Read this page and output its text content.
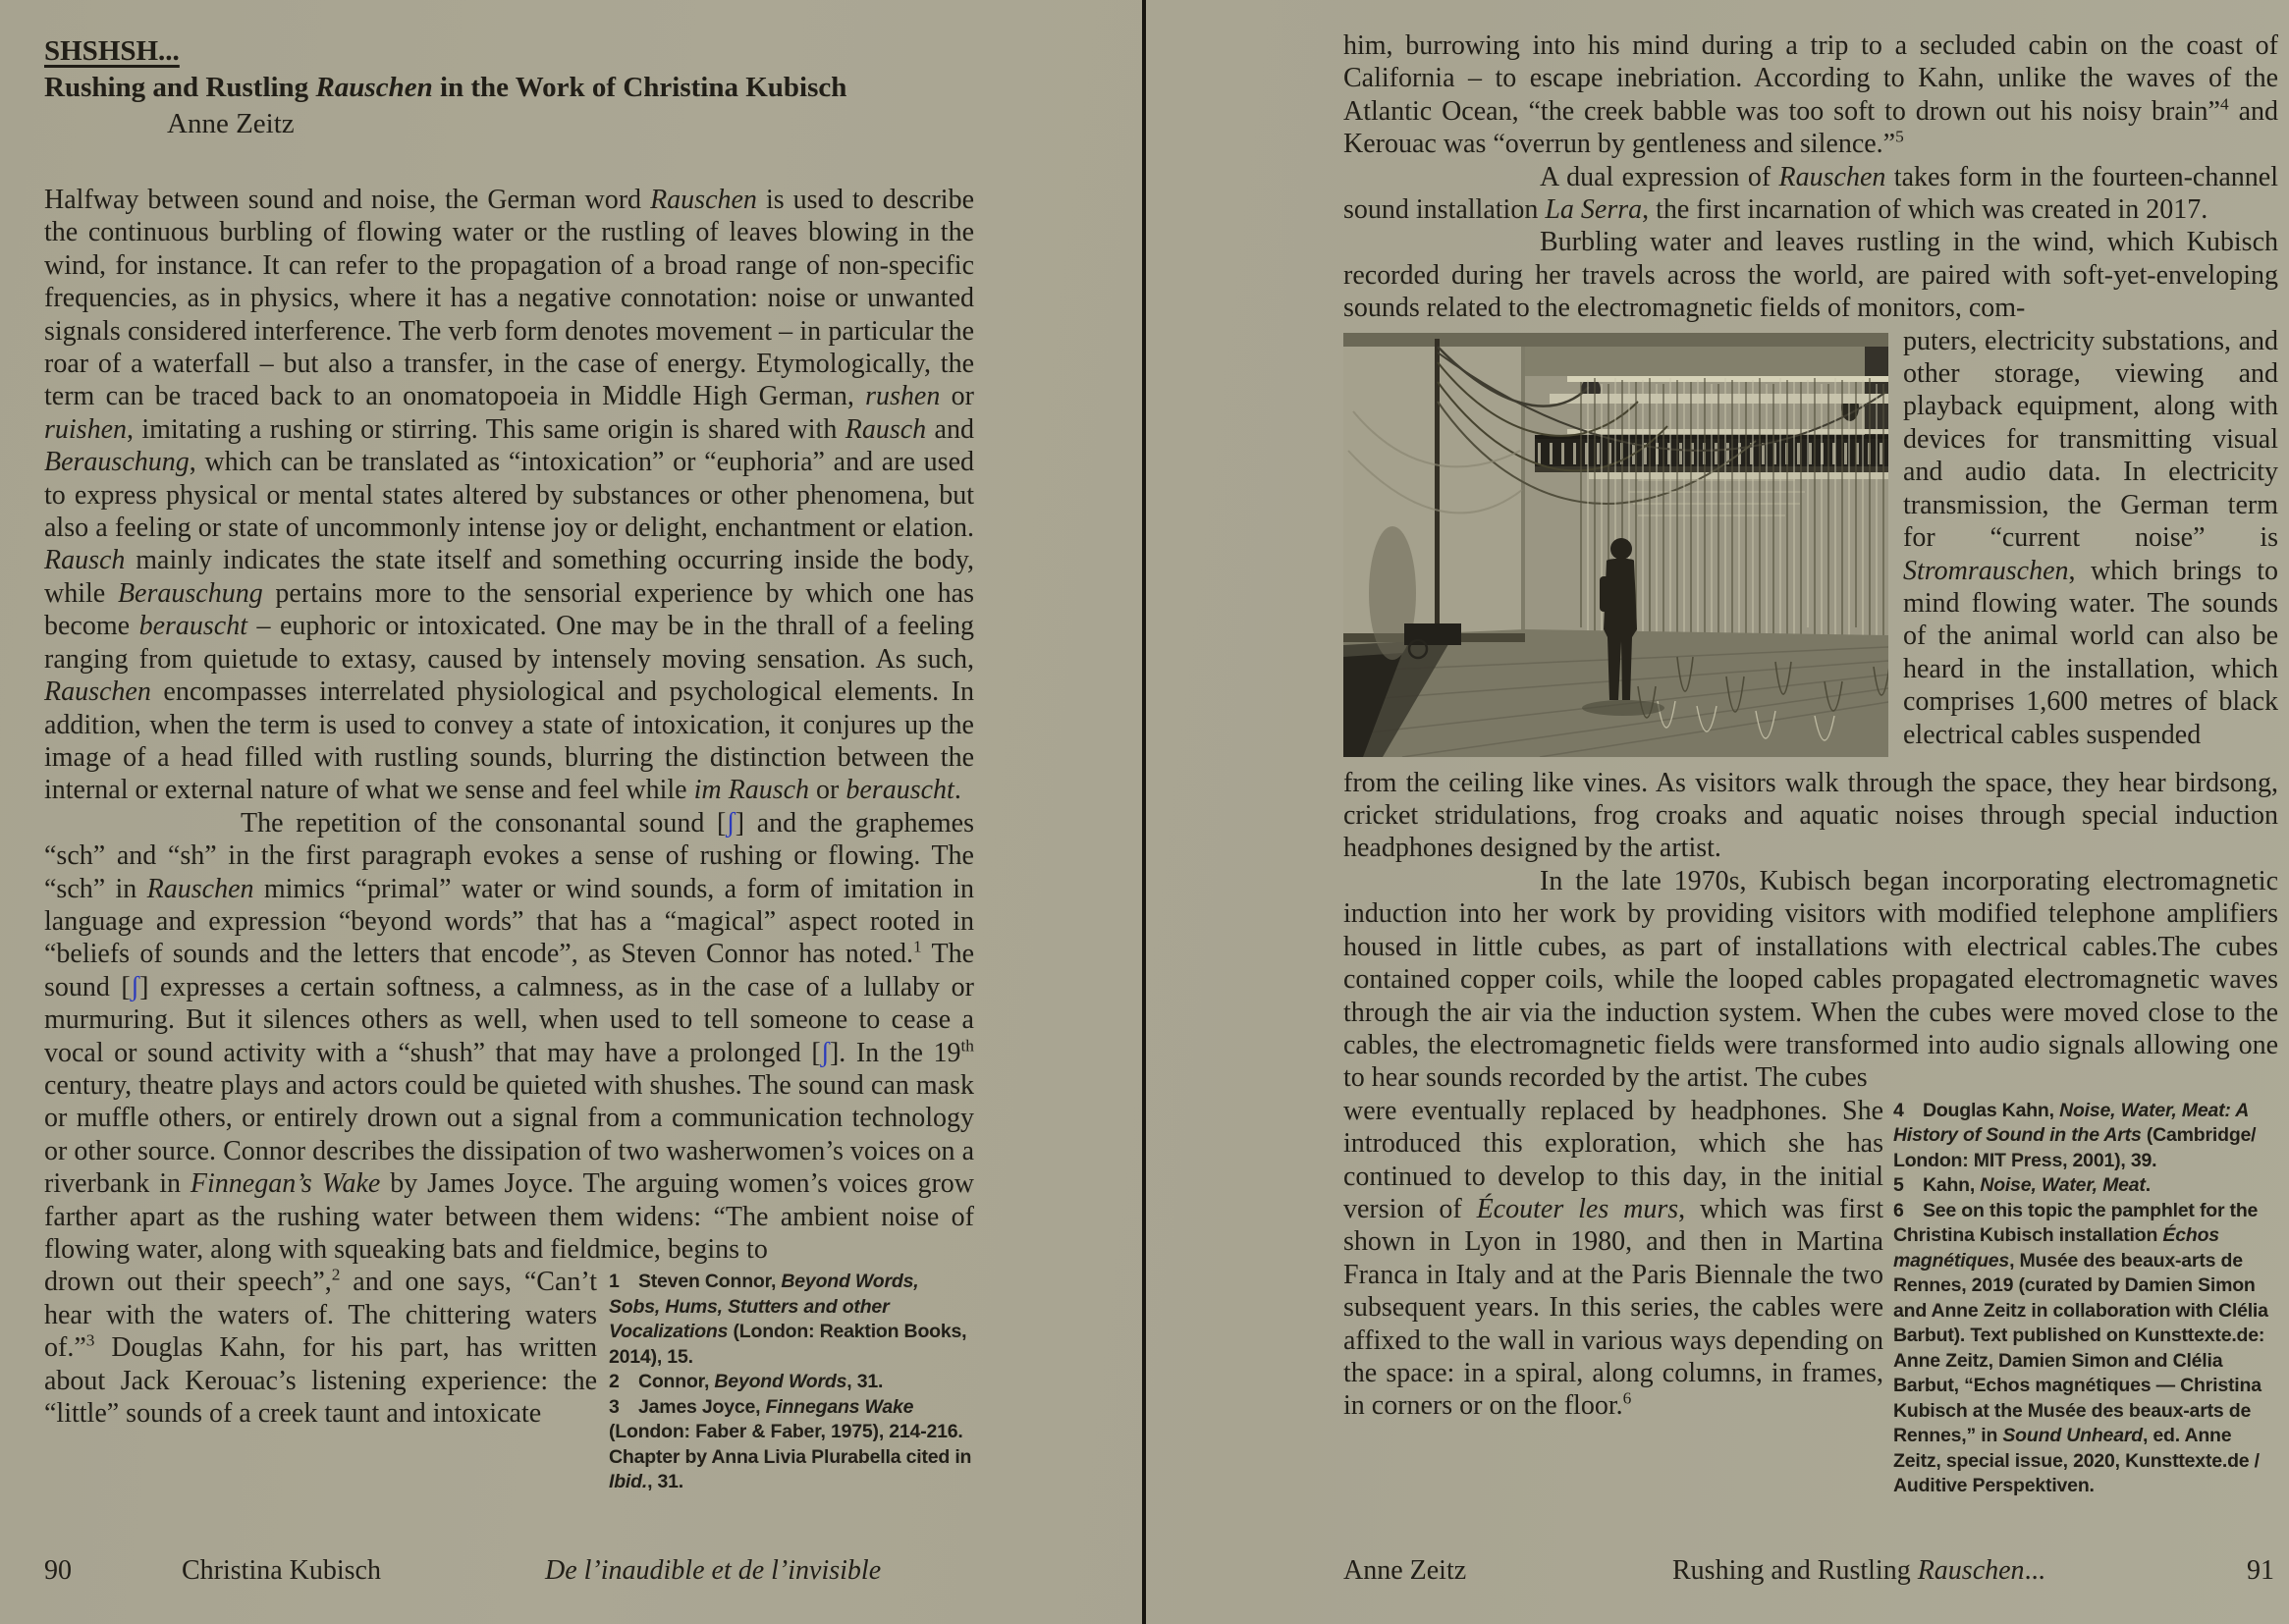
SHSHSH...
Rushing and Rustling Rauschen in the Work of Christina Kubisch
Anne Zeitz

Halfway between sound and noise, the German word Rauschen is used to describe the continuous burbling of flowing water or the rustling of leaves blowing in the wind, for instance. It can refer to the propagation of a broad range of non-specific frequencies, as in physics, where it has a negative connotation: noise or unwanted signals considered interference. The verb form denotes movement – in particular the roar of a waterfall – but also a transfer, in the case of energy. Etymologically, the term can be traced back to an onomatopoeia in Middle High German, rushen or ruishen, imitating a rushing or stirring. This same origin is shared with Rausch and Berauschung, which can be translated as “intoxication” or “euphoria” and are used to express physical or mental states altered by substances or other phenomena, but also a feeling or state of uncommonly intense joy or delight, enchantment or elation. Rausch mainly indicates the state itself and something occurring inside the body, while Berauschung pertains more to the sensorial experience by which one has become berauscht – euphoric or intoxicated. One may be in the thrall of a feeling ranging from quietude to extasy, caused by intensely moving sensation. As such, Rauschen encompasses interrelated physiological and psychological elements. In addition, when the term is used to convey a state of intoxication, it conjures up the image of a head filled with rustling sounds, blurring the distinction between the internal or external nature of what we sense and feel while im Rausch or berauscht.

The repetition of the consonantal sound [ʃ] and the graphemes “sch” and “sh” in the first paragraph evokes a sense of rushing or flowing. The “sch” in Rauschen mimics “primal” water or wind sounds, a form of imitation in language and expression “beyond words” that has a “magical” aspect rooted in “beliefs of sounds and the letters that encode”, as Steven Connor has noted.$^1$ The sound [ʃ] expresses a certain softness, a calmness, as in the case of a lullaby or murmuring. But it silences others as well, when used to tell someone to cease a vocal or sound activity with a “shush” that may have a prolonged [ʃ]. In the 19th century, theatre plays and actors could be quieted with shushes. The sound can mask or muffle others, or entirely drown out a signal from a communication technology or other source. Connor describes the dissipation of two washerwomen’s voices on a riverbank in Finnegan’s Wake by James Joyce. The arguing women’s voices grow farther apart as the rushing water between them widens: “The ambient noise of flowing water, along with squeaking bats and fieldmice, begins to

1 Steven Connor, Beyond Words, Sobs, Hums, Stutters and other Vocalizations (London: Reaktion Books, 2014), 15.
2 Connor, Beyond Words, 31.
3 James Joyce, Finnegans Wake (London: Faber & Faber, 1975), 214-216. Chapter by Anna Livia Plurabella cited in Ibid., 31.
drown out their speech”,$^2$ and one says, “Can’t hear with the waters of. The chittering waters of.”$^3$ Douglas Kahn, for his part, has written about Jack Kerouac’s listening experience: the “little” sounds of a creek taunt and intoxicate
90	Christina Kubisch	De l’inaudible et de l’invisible

him, burrowing into his mind during a trip to a secluded cabin on the coast of California – to escape inebriation. According to Kahn, unlike the waves of the Atlantic Ocean, “the creek babble was too soft to drown out his noisy brain”$^4$ and Kerouac was “overrun by gentleness and silence.”$^5$

A dual expression of Rauschen takes form in the fourteen-channel sound installation La Serra, the first incarnation of which was created in 2017.

Burbling water and leaves rustling in the wind, which Kubisch recorded during her travels across the world, are paired with soft-yet-enveloping sounds related to the electromagnetic fields of monitors, com-

puters, electricity substations, and other storage, viewing and playback equipment, along with devices for transmitting visual and audio data. In electricity transmission, the German term for “current noise” is Stromrauschen, which brings to mind flowing water. The sounds of the animal world can also be heard in the installation, which comprises 1,600 metres of black electrical cables suspended
from the ceiling like vines. As visitors walk through the space, they hear birdsong, cricket stridulations, frog croaks and aquatic noises through special induction headphones designed by the artist.

In the late 1970s, Kubisch began incorporating electromagnetic induction into her work by providing visitors with modified telephone amplifiers housed in little cubes, as part of installations with electrical cables.The cubes contained copper coils, while the looped cables propagated electromagnetic waves through the air via the induction system. When the cubes were moved close to the cables, the electromagnetic fields were transformed into audio signals allowing one to hear sounds recorded by the artist. The cubes

4 Douglas Kahn, Noise, Water, Meat: A History of Sound in the Arts (Cambridge/ London: MIT Press, 2001), 39.
5 Kahn, Noise, Water, Meat.
6 See on this topic the pamphlet for the Christina Kubisch installation Échos magnétiques, Musée des beaux-arts de Rennes, 2019 (curated by Damien Simon and Anne Zeitz in collaboration with Clélia Barbut). Text published on Kunsttexte.de: Anne Zeitz, Damien Simon and Clélia Barbut, “Echos magnétiques — Christina Kubisch at the Musée des beaux-arts de Rennes,” in Sound Unheard, ed. Anne Zeitz, special issue, 2020, Kunsttexte.de / Auditive Perspektiven.
were eventually replaced by headphones. She introduced this exploration, which she has continued to develop to this day, in the initial version of Écouter les murs, which was first shown in Lyon in 1980, and then in Martina Franca in Italy and at the Paris Biennale the two subsequent years. In this series, the cables were affixed to the wall in various ways depending on the space: in a spiral, along columns, in frames, in corners or on the floor.$^6$
Anne Zeitz	Rushing and Rustling Rauschen...	91
